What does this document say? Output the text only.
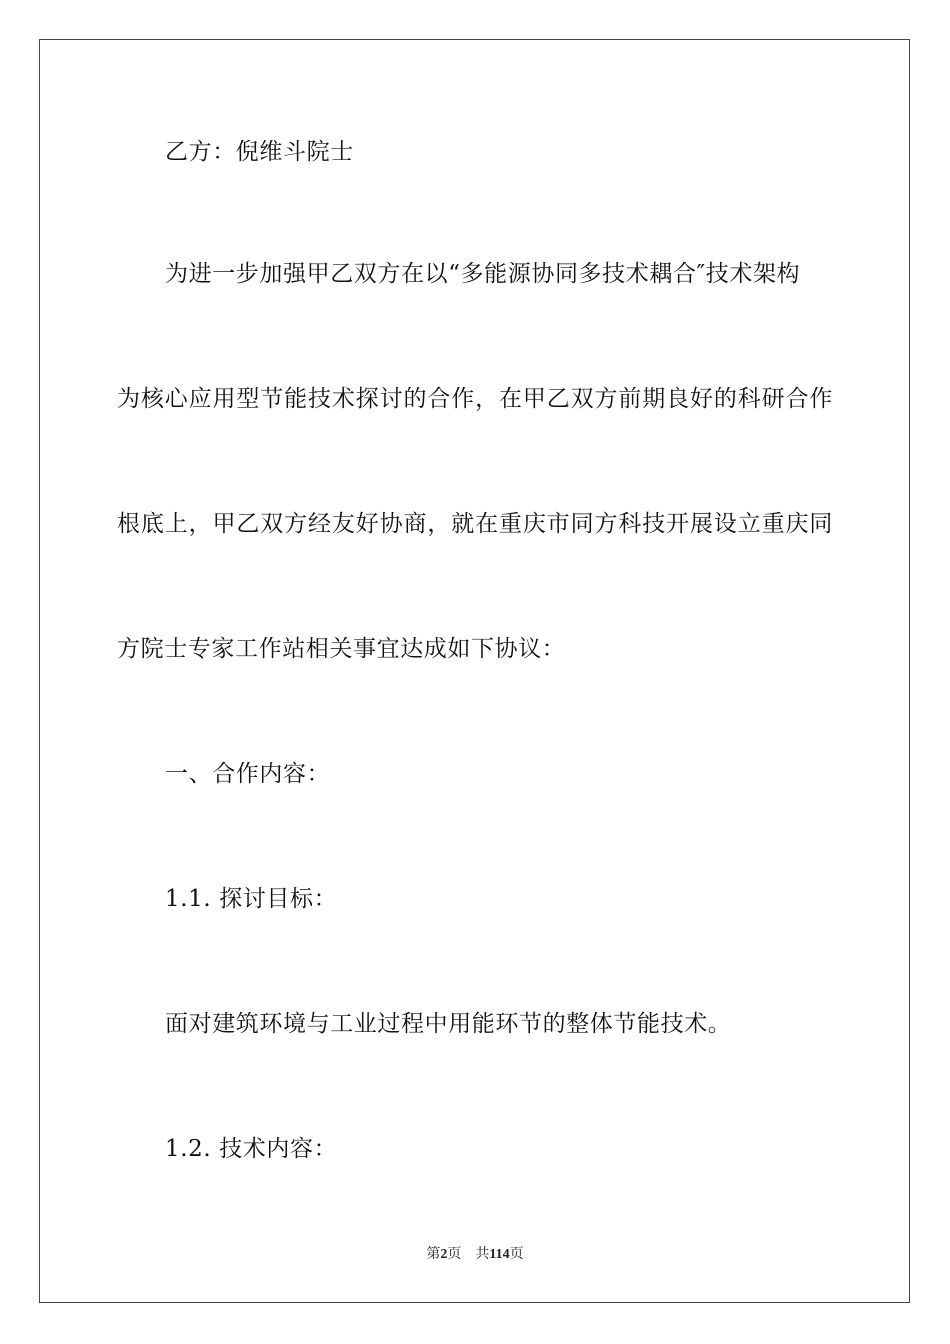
乙方：倪维斗院士
为进一步加强甲乙双方在以“多能源协同多技术耦合″技术架构
为核心应用型节能技术探讨的合作，在甲乙双方前期良好的科研合作
根底上，甲乙双方经友好协商，就在重庆市同方科技开展设立重庆同
方院士专家工作站相关事宜达成如下协议：
一、合作内容：
1.1. 探讨目标：
面对建筑环境与工业过程中用能环节的整体节能技术。
1.2. 技术内容：
第2页 共114页
